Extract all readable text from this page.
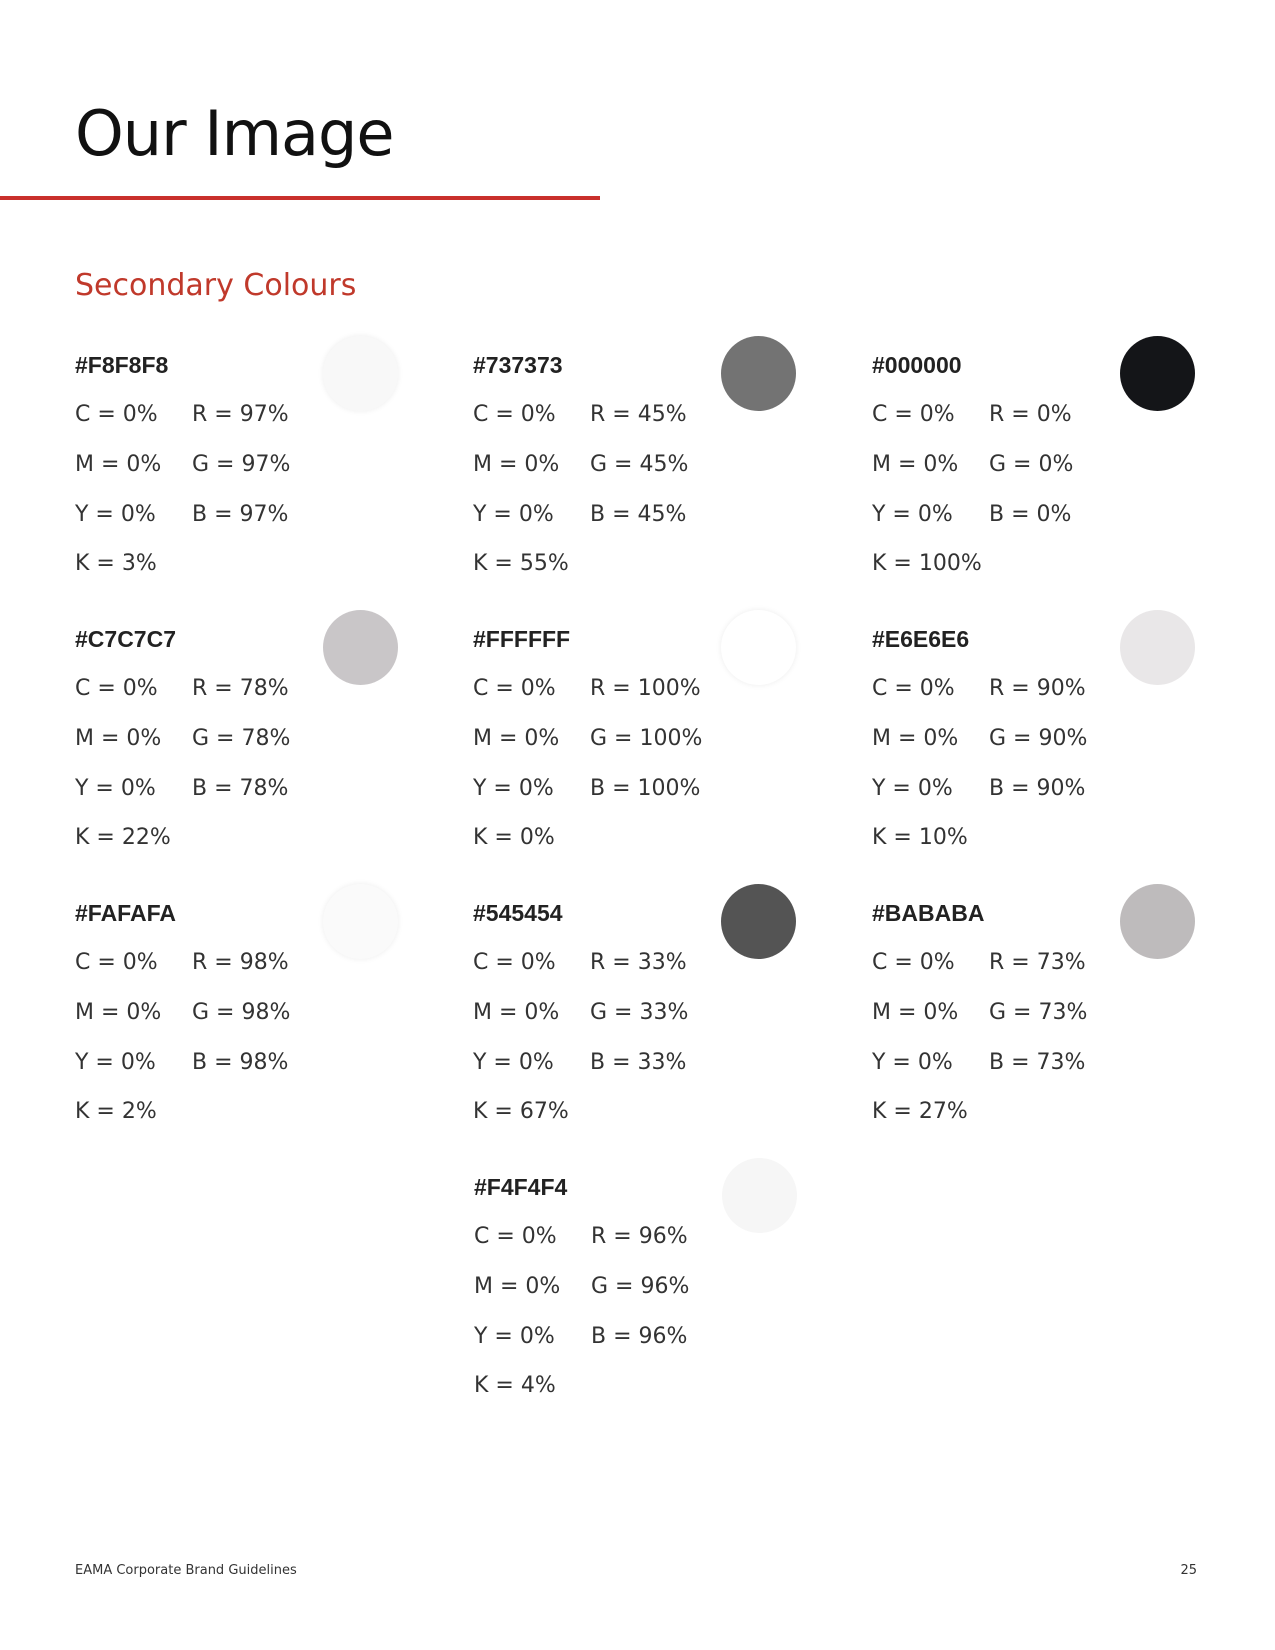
Our Image
Secondary Colours
#F8F8F8
C = 0%
M = 0%
Y = 0%
K = 3%
R = 97%
G = 97%
B = 97%
#737373
C = 0%
M = 0%
Y = 0%
K = 55%
R = 45%
G = 45%
B = 45%
#000000
C = 0%
M = 0%
Y = 0%
K = 100%
R = 0%
G = 0%
B = 0%
#C7C7C7
C = 0%
M = 0%
Y = 0%
K = 22%
R = 78%
G = 78%
B = 78%
#FFFFFF
C = 0%
M = 0%
Y = 0%
K = 0%
R = 100%
G = 100%
B = 100%
#E6E6E6
C = 0%
M = 0%
Y = 0%
K = 10%
R = 90%
G = 90%
B = 90%
#FAFAFA
C = 0%
M = 0%
Y = 0%
K = 2%
R = 98%
G = 98%
B = 98%
#545454
C = 0%
M = 0%
Y = 0%
K = 67%
R = 33%
G = 33%
B = 33%
#BABABA
C = 0%
M = 0%
Y = 0%
K = 27%
R = 73%
G = 73%
B = 73%
#F4F4F4
C = 0%
M = 0%
Y = 0%
K = 4%
R = 96%
G = 96%
B = 96%
EAMA Corporate Brand Guidelines	25
